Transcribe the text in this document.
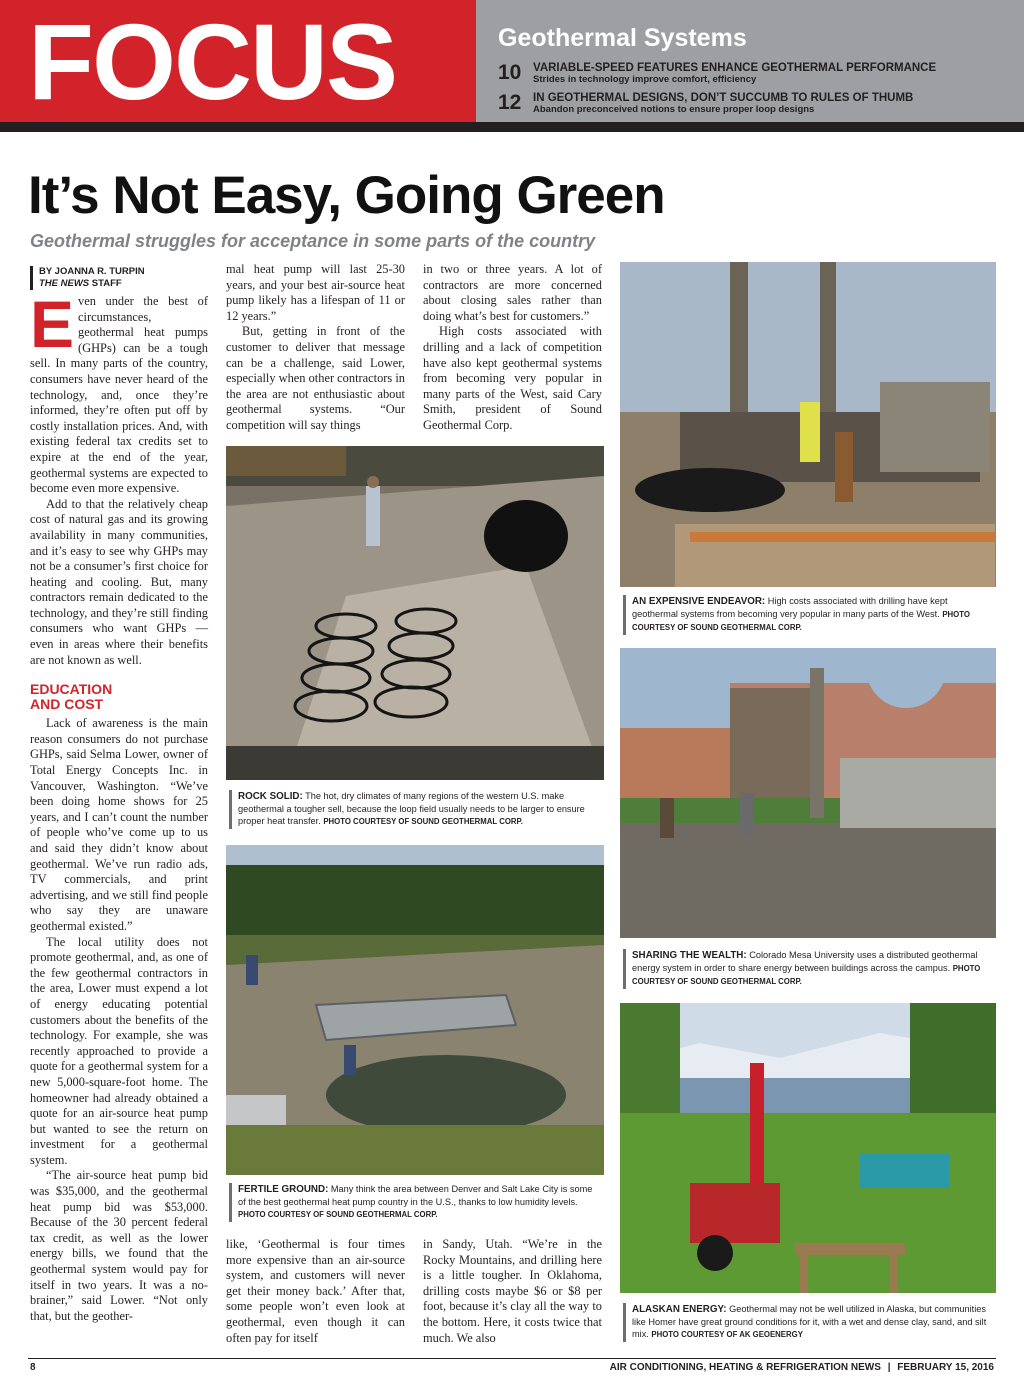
FOCUS	Geothermal Systems
10 VARIABLE-SPEED FEATURES ENHANCE GEOTHERMAL PERFORMANCE
Strides in technology improve comfort, efficiency
12 IN GEOTHERMAL DESIGNS, DON’T SUCCUMB TO RULES OF THUMB
Abandon preconceived notions to ensure proper loop designs
It’s Not Easy, Going Green
Geothermal struggles for acceptance in some parts of the country
BY JOANNA R. TURPIN
THE NEWS STAFF

Even under the best of circumstances, geothermal heat pumps (GHPs) can be a tough sell. In many parts of the country, consumers have never heard of the technology, and, once they’re informed, they’re often put off by costly installation prices. And, with existing federal tax credits set to expire at the end of the year, geothermal systems are expected to become even more expensive.

Add to that the relatively cheap cost of natural gas and its growing availability in many communities, and it’s easy to see why GHPs may not be a consumer’s first choice for heating and cooling. But, many contractors remain dedicated to the technology, and they’re still finding consumers who want GHPs — even in areas where their benefits are not known as well.

EDUCATION
AND COST

Lack of awareness is the main reason consumers do not purchase GHPs, said Selma Lower, owner of Total Energy Concepts Inc. in Vancouver, Washington. “We’ve been doing home shows for 25 years, and I can’t count the number of people who’ve come up to us and said they didn’t know about geothermal. We’ve run radio ads, TV commercials, and print advertising, and we still find people who say they are unaware geothermal existed.”

The local utility does not promote geothermal, and, as one of the few geothermal contractors in the area, Lower must expend a lot of energy educating potential customers about the benefits of the technology. For example, she was recently approached to provide a quote for a geothermal system for a new 5,000-square-foot home. The homeowner had already obtained a quote for an air-source heat pump but wanted to see the return on investment for a geothermal system.

“The air-source heat pump bid was $35,000, and the geothermal heat pump bid was $53,000. Because of the 30 percent federal tax credit, as well as the lower energy bills, we found that the geothermal system would pay for itself in two years. It was a no-brainer,” said Lower. “Not only that, but the geother-

mal heat pump will last 25-30 years, and your best air-source heat pump likely has a lifespan of 11 or 12 years.”

But, getting in front of the customer to deliver that message can be a challenge, said Lower, especially when other contractors in the area are not enthusiastic about geothermal systems. “Our competition will say things

in two or three years. A lot of contractors are more concerned about closing sales rather than doing what’s best for customers.”

High costs associated with drilling and a lack of competition have also kept geothermal systems from becoming very popular in many parts of the West, said Cary Smith, president of Sound Geothermal Corp.

ROCK SOLID: The hot, dry climates of many regions of the western U.S. make geothermal a tougher sell, because the loop field usually needs to be larger to ensure proper heat transfer. PHOTO COURTESY OF SOUND GEOTHERMAL CORP.
FERTILE GROUND: Many think the area between Denver and Salt Lake City is some of the best geothermal heat pump country in the U.S., thanks to low humidity levels. PHOTO COURTESY OF SOUND GEOTHERMAL CORP.

like, ‘Geothermal is four times more expensive than an air-source system, and customers will never get their money back.’ After that, some people won’t even look at geothermal, even though it can often pay for itself

in Sandy, Utah. “We’re in the Rocky Mountains, and drilling here is a little tougher. In Oklahoma, drilling costs maybe $6 or $8 per foot, because it’s clay all the way to the bottom. Here, it costs twice that much. We also

AN EXPENSIVE ENDEAVOR: High costs associated with drilling have kept geothermal systems from becoming very popular in many parts of the West. PHOTO COURTESY OF SOUND GEOTHERMAL CORP.
SHARING THE WEALTH: Colorado Mesa University uses a distributed geothermal energy system in order to share energy between buildings across the campus. PHOTO COURTESY OF SOUND GEOTHERMAL CORP.
ALASKAN ENERGY: Geothermal may not be well utilized in Alaska, but communities like Homer have great ground conditions for it, with a wet and dense clay, sand, and silt mix. PHOTO COURTESY OF AK GEOENERGY
8	AIR CONDITIONING, HEATING & REFRIGERATION NEWS | FEBRUARY 15, 2016
